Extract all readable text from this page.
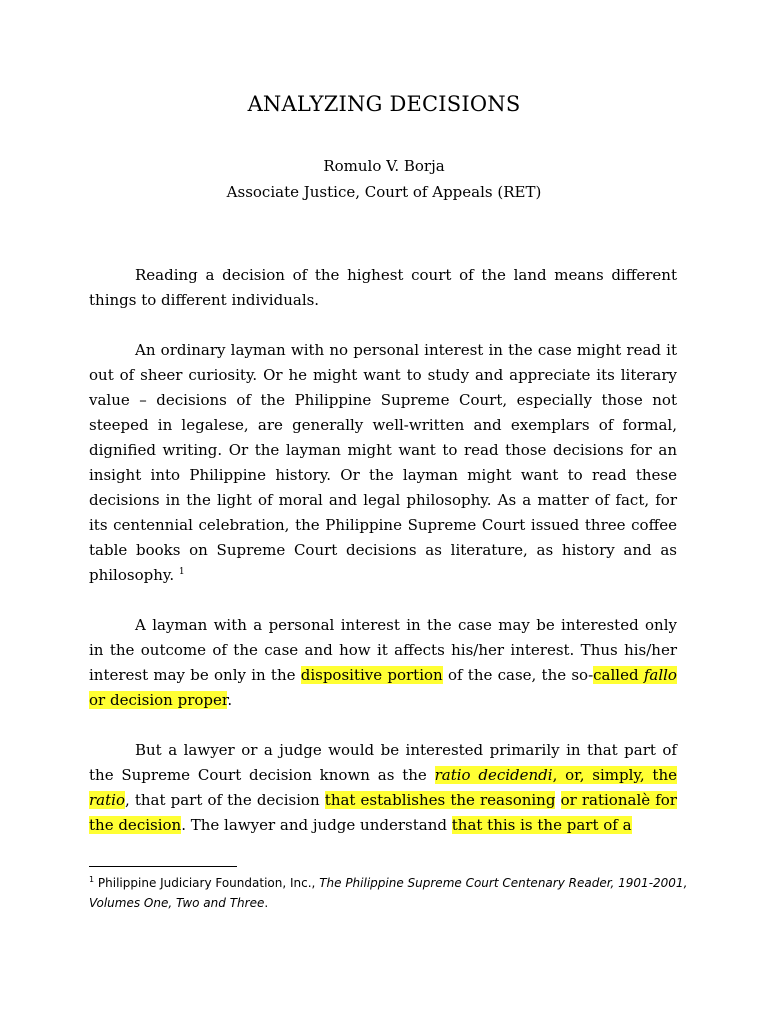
ANALYZING DECISIONS

Romulo V. Borja

Associate Justice, Court of Appeals (RET)

Reading a decision of the highest court of the land means different things to different individuals.

An ordinary layman with no personal interest in the case might read it out of sheer curiosity. Or he might want to study and appreciate its literary value – decisions of the Philippine Supreme Court, especially those not steeped in legalese, are generally well-written and exemplars of formal, dignified writing. Or the layman might want to read those decisions for an insight into Philippine history. Or the layman might want to read these decisions in the light of moral and legal philosophy. As a matter of fact, for its centennial celebration, the Philippine Supreme Court issued three coffee table books on Supreme Court decisions as literature, as history and as philosophy. $^1$

A layman with a personal interest in the case may be interested only in the outcome of the case and how it affects his/her interest. Thus his/her interest may be only in the dispositive portion of the case, the so-called fallo or decision proper.

But a lawyer or a judge would be interested primarily in that part of the Supreme Court decision known as the ratio decidendi, or, simply, the ratio, that part of the decision that establishes the reasoning or rationalè for the decision. The lawyer and judge understand that this is the part of a

$^1$ Philippine Judiciary Foundation, Inc., The Philippine Supreme Court Centenary Reader, 1901-2001, Volumes One, Two and Three.
